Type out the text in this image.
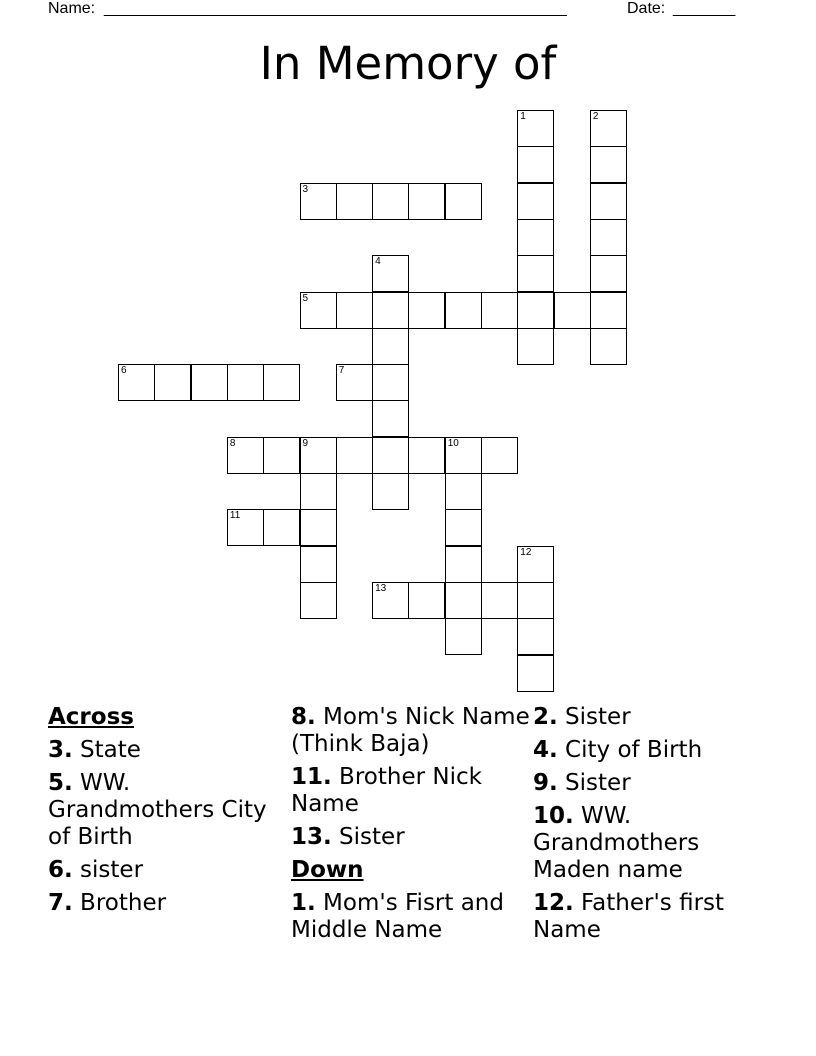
Name: ____________________________________________________	Date: _______
In Memory of
3
5
6	7
8	9	10
11
13
1	2
4
12
Across
3. State
5. WW. Grandmothers City of Birth
6. sister
7. Brother
8. Mom's Nick Name (Think Baja)
11. Brother Nick Name
13. Sister
Down
1. Mom's Fisrt and Middle Name
2. Sister
4. City of Birth
9. Sister
10. WW. Grandmothers Maden name
12. Father's first Name
